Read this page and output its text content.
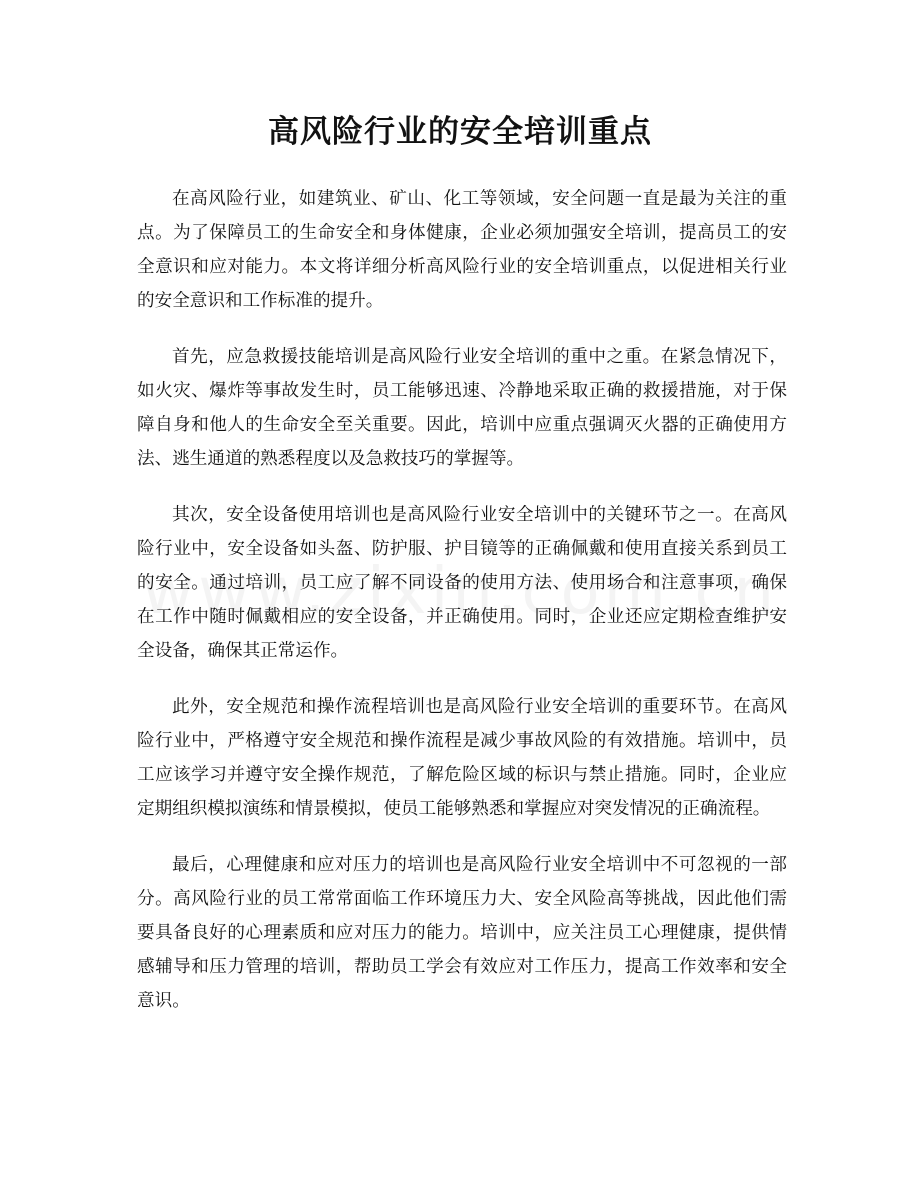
高风险行业的安全培训重点

在高风险行业，如建筑业、矿山、化工等领域，安全问题一直是最为关注的重点。为了保障员工的生命安全和身体健康，企业必须加强安全培训，提高员工的安全意识和应对能力。本文将详细分析高风险行业的安全培训重点，以促进相关行业的安全意识和工作标准的提升。

首先，应急救援技能培训是高风险行业安全培训的重中之重。在紧急情况下，如火灾、爆炸等事故发生时，员工能够迅速、冷静地采取正确的救援措施，对于保障自身和他人的生命安全至关重要。因此，培训中应重点强调灭火器的正确使用方法、逃生通道的熟悉程度以及急救技巧的掌握等。

其次，安全设备使用培训也是高风险行业安全培训中的关键环节之一。在高风险行业中，安全设备如头盔、防护服、护目镜等的正确佩戴和使用直接关系到员工的安全。通过培训，员工应了解不同设备的使用方法、使用场合和注意事项，确保在工作中随时佩戴相应的安全设备，并正确使用。同时，企业还应定期检查维护安全设备，确保其正常运作。

此外，安全规范和操作流程培训也是高风险行业安全培训的重要环节。在高风险行业中，严格遵守安全规范和操作流程是减少事故风险的有效措施。培训中，员工应该学习并遵守安全操作规范，了解危险区域的标识与禁止措施。同时，企业应定期组织模拟演练和情景模拟，使员工能够熟悉和掌握应对突发情况的正确流程。

最后，心理健康和应对压力的培训也是高风险行业安全培训中不可忽视的一部分。高风险行业的员工常常面临工作环境压力大、安全风险高等挑战，因此他们需要具备良好的心理素质和应对压力的能力。培训中，应关注员工心理健康，提供情感辅导和压力管理的培训，帮助员工学会有效应对工作压力，提高工作效率和安全意识。
